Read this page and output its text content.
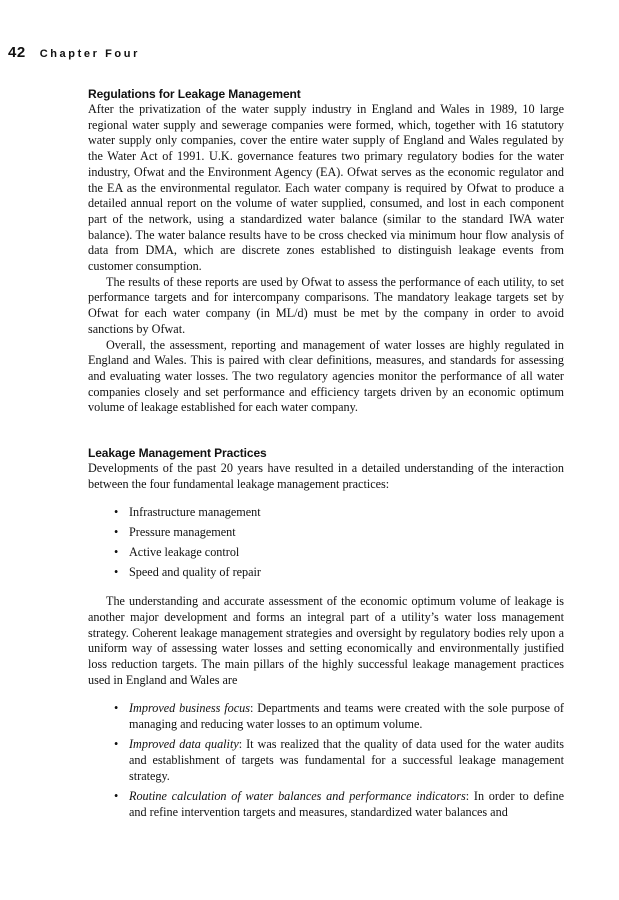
42 Chapter Four
Regulations for Leakage Management

After the privatization of the water supply industry in England and Wales in 1989, 10 large regional water supply and sewerage companies were formed, which, together with 16 statutory water supply only companies, cover the entire water supply of England and Wales regulated by the Water Act of 1991. U.K. governance features two primary regulatory bodies for the water industry, Ofwat and the Environment Agency (EA). Ofwat serves as the economic regulator and the EA as the environmental regulator. Each water company is required by Ofwat to produce a detailed annual report on the volume of water supplied, consumed, and lost in each component part of the network, using a standardized water balance (similar to the standard IWA water balance). The water balance results have to be cross checked via minimum hour flow analysis of data from DMA, which are discrete zones established to distinguish leakage events from customer consumption.

The results of these reports are used by Ofwat to assess the performance of each utility, to set performance targets and for intercompany comparisons. The mandatory leakage targets set by Ofwat for each water company (in ML/d) must be met by the company in order to avoid sanctions by Ofwat.

Overall, the assessment, reporting and management of water losses are highly regulated in England and Wales. This is paired with clear definitions, measures, and standards for assessing and evaluating water losses. The two regulatory agencies monitor the performance of all water companies closely and set performance and efficiency targets driven by an economic optimum volume of leakage established for each water company.

Leakage Management Practices

Developments of the past 20 years have resulted in a detailed understanding of the interaction between the four fundamental leakage management practices:

• Infrastructure management
• Pressure management
• Active leakage control
• Speed and quality of repair

The understanding and accurate assessment of the economic optimum volume of leakage is another major development and forms an integral part of a utility’s water loss management strategy. Coherent leakage management strategies and oversight by regulatory bodies rely upon a uniform way of assessing water losses and setting economically and environmentally justified loss reduction targets. The main pillars of the highly successful leakage management practices used in England and Wales are

• Improved business focus: Departments and teams were created with the sole purpose of managing and reducing water losses to an optimum volume.
• Improved data quality: It was realized that the quality of data used for the water audits and establishment of targets was fundamental for a successful leakage management strategy.
• Routine calculation of water balances and performance indicators: In order to define and refine intervention targets and measures, standardized water balances and
